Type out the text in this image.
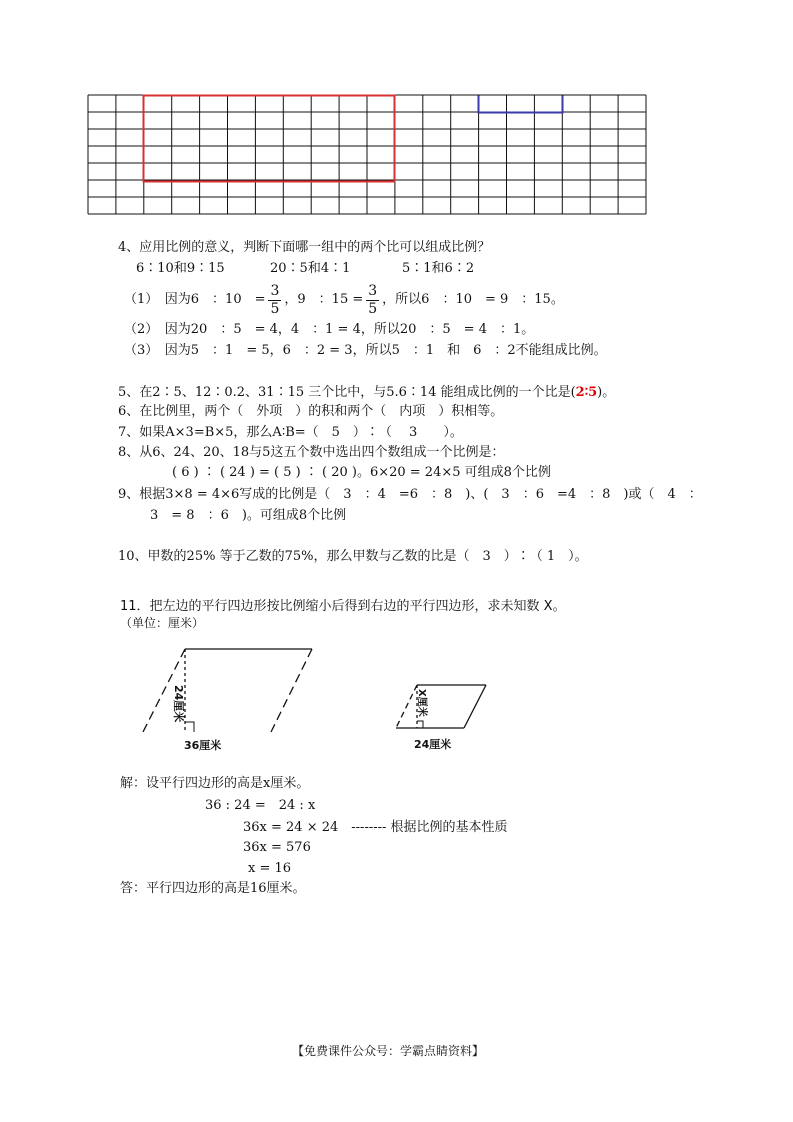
4、应用比例的意义，判断下面哪一组中的两个比可以组成比例？
6∶10和9∶15	20∶5和4∶1	5∶1和6∶2
（1）　因为6　：10　= $\frac{3}{5}$ ，9　：$15 = \frac{3}{5}$ ，所以6　：10　= 9　：15。
（2）　因为20　：5　= 4，4　：1 = 4，所以20　：5　= 4　：1。
（3）　因为5　：1　= 5，6　：2 = 3，所以5　：1　和　6　：2不能组成比例。
5、在2∶5、12∶0.2、31∶15 三个比中，与5.6∶14 能组成比例的一个比是(2∶5)。
6、在比例里，两个（　外项　）的积和两个（　内项　）积相等。
7、如果A×3=B×5，那么A∶B=（　5　）∶（　 3　　）。
8、从6、24、20、18与5这五个数中选出四个数组成一个比例是：
( 6 ) ∶ ( 24 ) = ( 5 ) ∶ ( 20 )。6×20 = 24×5 可组成8个比例
9、根据3×8 = 4×6写成的比例是（　3　：4　=6　：8　)、(　3　：6　=4　：8　)或（　4　：
3　= 8　：6　)。可组成8个比例
10、甲数的25% 等于乙数的75%，那么甲数与乙数的比是（　3　）∶（ 1　）。
11．把左边的平行四边形按比例缩小后得到右边的平行四边形，求未知数 X。
（单位：厘米）
24厘米
36厘米
X厘米
24厘米
解：设平行四边形的高是x厘米。
36 : 24 =　24 : x
36x = 24 × 24　-------- 根据比例的基本性质
36x = 576
x = 16
答：平行四边形的高是16厘米。
【免费课件公众号：学霸点睛资料】
